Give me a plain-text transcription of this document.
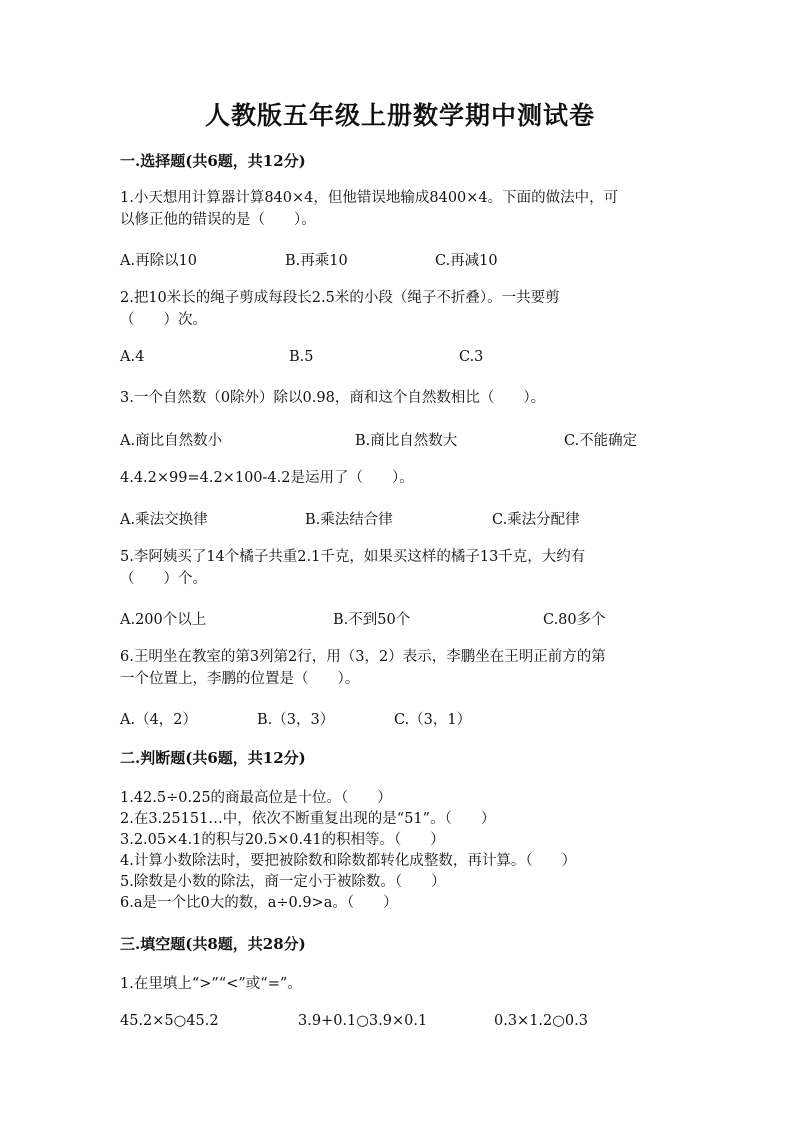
人教版五年级上册数学期中测试卷
一.选择题(共6题，共12分)
1.小天想用计算器计算840×4，但他错误地输成8400×4。下面的做法中，可
以修正他的错误的是（　　）。
A.再除以10	B.再乘10	C.再减10
2.把10米长的绳子剪成每段长2.5米的小段（绳子不折叠）。一共要剪
（　　）次。
A.4	B.5	C.3
3.一个自然数（0除外）除以0.98，商和这个自然数相比（　　）。
A.商比自然数小	B.商比自然数大	C.不能确定
4.4.2×99=4.2×100-4.2是运用了（　　）。
A.乘法交换律	B.乘法结合律	C.乘法分配律
5.李阿姨买了14个橘子共重2.1千克，如果买这样的橘子13千克，大约有
（　　）个。
A.200个以上	B.不到50个	C.80多个
6.王明坐在教室的第3列第2行，用（3，2）表示，李鹏坐在王明正前方的第
一个位置上，李鹏的位置是（　　）。
A.（4，2）	B.（3，3）	C.（3，1）
二.判断题(共6题，共12分)
1.42.5÷0.25的商最高位是十位。（　　）
2.在3.25151…中，依次不断重复出现的是“51”。（　　）
3.2.05×4.1的积与20.5×0.41的积相等。（　　）
4.计算小数除法时，要把被除数和除数都转化成整数，再计算。（　　）
5.除数是小数的除法，商一定小于被除数。（　　）
6.a是一个比0大的数，a÷0.9>a。（　　）
三.填空题(共8题，共28分)
1.在里填上“>”“<”或“=”。
45.2×5○45.2	3.9+0.1○3.9×0.1	0.3×1.2○0.3
